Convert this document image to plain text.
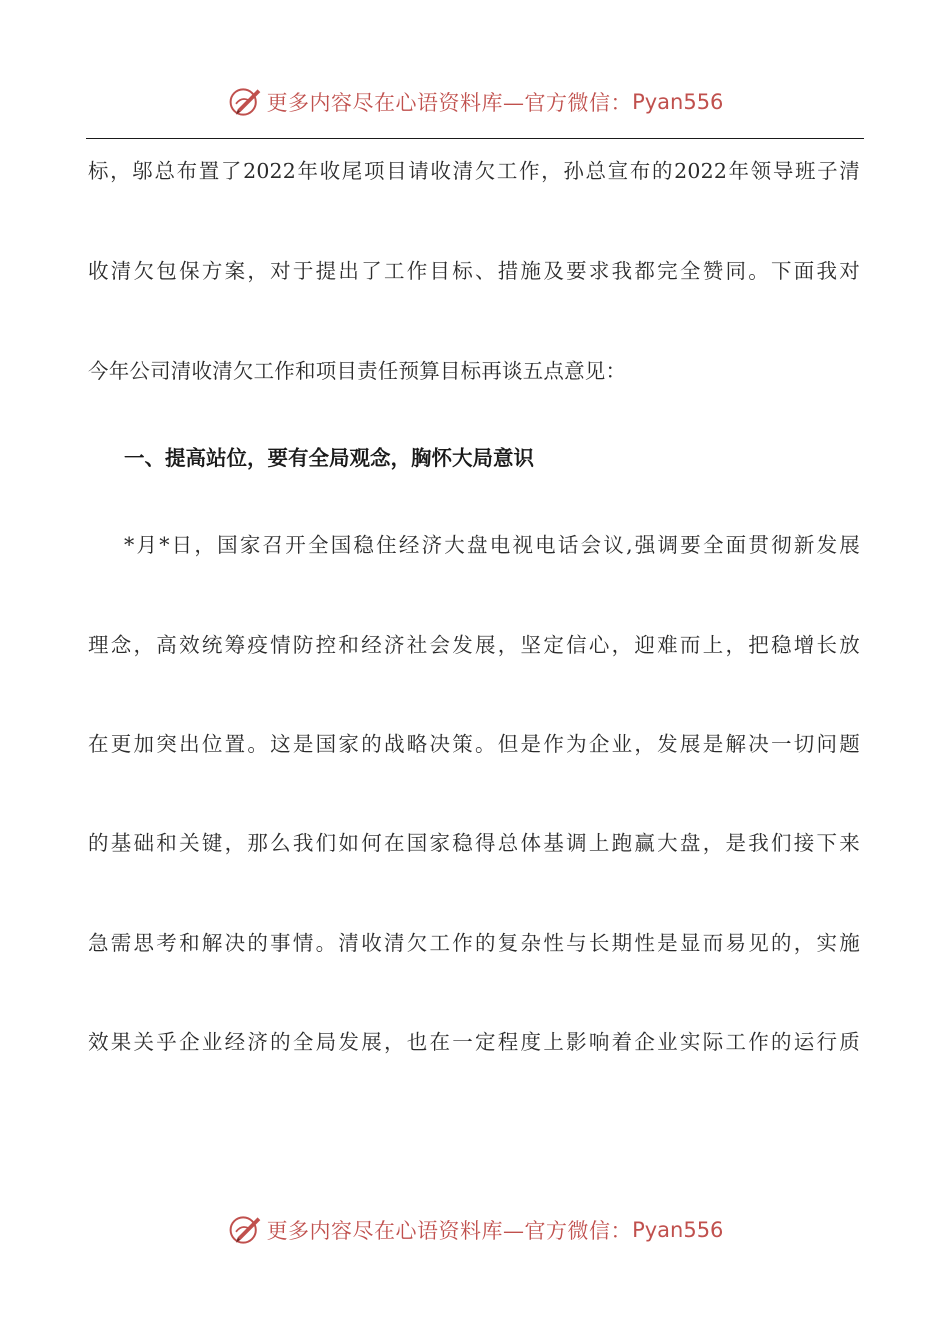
更多内容尽在心语资料库—官方微信： Pyan556
标，邬总布置了2022年收尾项目请收清欠工作，孙总宣布的2022年领导班子清
收清欠包保方案，对于提出了工作目标、措施及要求我都完全赞同。下面我对
今年公司清收清欠工作和项目责任预算目标再谈五点意见：
一、提高站位，要有全局观念，胸怀大局意识
*月*日，国家召开全国稳住经济大盘电视电话会议,强调要全面贯彻新发展
理念，高效统筹疫情防控和经济社会发展，坚定信心，迎难而上，把稳增长放
在更加突出位置。这是国家的战略决策。但是作为企业，发展是解决一切问题
的基础和关键，那么我们如何在国家稳得总体基调上跑赢大盘，是我们接下来
急需思考和解决的事情。清收清欠工作的复杂性与长期性是显而易见的，实施
效果关乎企业经济的全局发展，也在一定程度上影响着企业实际工作的运行质
更多内容尽在心语资料库—官方微信： Pyan556
